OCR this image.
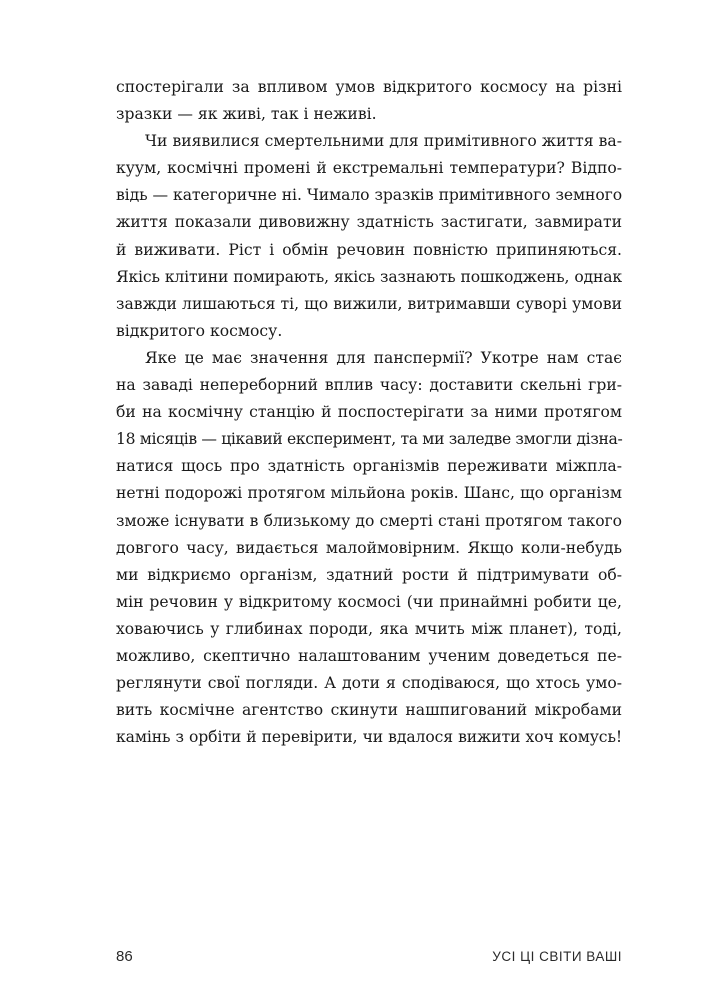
спостерігали за впливом умов відкритого космосу на різні
зразки — як живі, так і неживі.
Чи виявилися смертельними для примітивного життя ва-
куум, космічні промені й екстремальні температури? Відпо-
відь — категоричне ні. Чимало зразків примітивного земного
життя показали дивовижну здатність застигати, завмирати
й виживати. Ріст і обмін речовин повністю припиняються.
Якісь клітини помирають, якісь зазнають пошкоджень, однак
завжди лишаються ті, що вижили, витримавши суворі умови
відкритого космосу.
Яке це має значення для панспермії? Укотре нам стає
на заваді непереборний вплив часу: доставити скельні гри-
би на космічну станцію й поспостерігати за ними протягом
18 місяців — цікавий експеримент, та ми заледве змогли дізна-
натися щось про здатність організмів переживати міжпла-
нетні подорожі протягом мільйона років. Шанс, що організм
зможе існувати в близькому до смерті стані протягом такого
довгого часу, видається малоймовірним. Якщо коли-небудь
ми відкриємо організм, здатний рости й підтримувати об-
мін речовин у відкритому космосі (чи принаймні робити це,
ховаючись у глибинах породи, яка мчить між планет), тоді,
можливо, скептично налаштованим ученим доведеться пе-
реглянути свої погляди. А доти я сподіваюся, що хтось умо-
вить космічне агентство скинути нашпигований мікробами
камінь з орбіти й перевірити, чи вдалося вижити хоч комусь!
86	УСІ ЦІ СВІТИ ВАШІ
